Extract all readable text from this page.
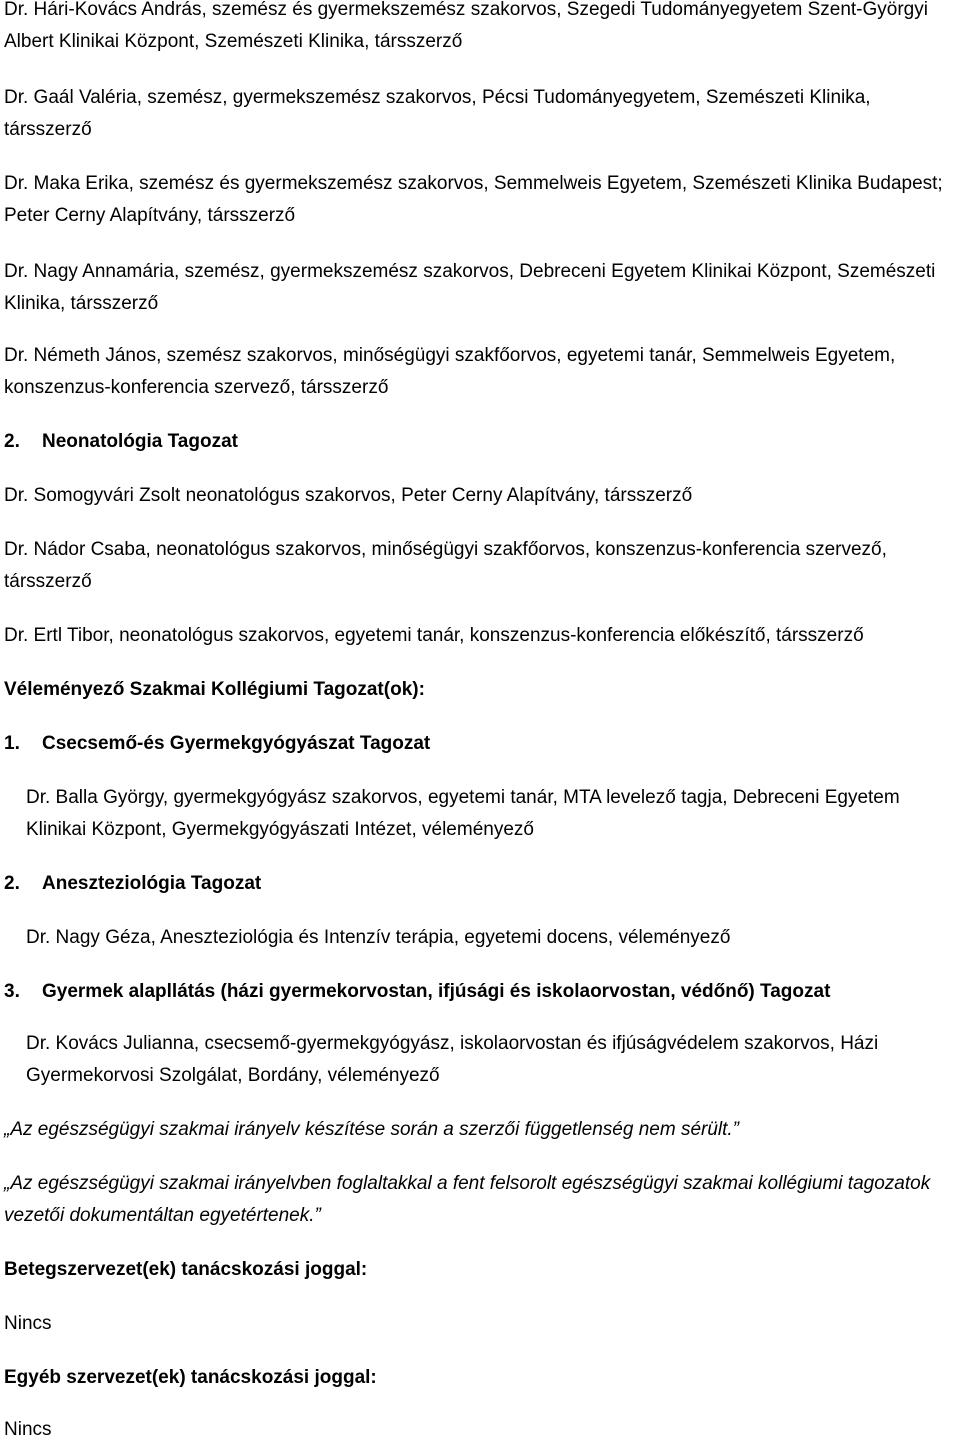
Dr. Hári-Kovács András, szemész és gyermekszemész szakorvos, Szegedi Tudományegyetem Szent-Györgyi Albert Klinikai Központ, Szemészeti Klinika, társszerző

Dr. Gaál Valéria, szemész, gyermekszemész szakorvos, Pécsi Tudományegyetem, Szemészeti Klinika, társszerző

Dr. Maka Erika, szemész és gyermekszemész szakorvos, Semmelweis Egyetem, Szemészeti Klinika Budapest; Peter Cerny Alapítvány, társszerző

Dr. Nagy Annamária, szemész, gyermekszemész szakorvos, Debreceni Egyetem Klinikai Központ, Szemészeti Klinika, társszerző

Dr. Németh János, szemész szakorvos, minőségügyi szakfőorvos, egyetemi tanár, Semmelweis Egyetem, konszenzus-konferencia szervező, társszerző

2. Neonatológia Tagozat

Dr. Somogyvári Zsolt neonatológus szakorvos, Peter Cerny Alapítvány, társszerző

Dr. Nádor Csaba, neonatológus szakorvos, minőségügyi szakfőorvos, konszenzus-konferencia szervező, társszerző

Dr. Ertl Tibor, neonatológus szakorvos, egyetemi tanár, konszenzus-konferencia előkészítő, társszerző

Véleményező Szakmai Kollégiumi Tagozat(ok):

1. Csecsemő-és Gyermekgyógyászat Tagozat

Dr. Balla György, gyermekgyógyász szakorvos, egyetemi tanár, MTA levelező tagja, Debreceni Egyetem Klinikai Központ, Gyermekgyógyászati Intézet, véleményező

2. Aneszteziológia Tagozat

Dr. Nagy Géza, Aneszteziológia és Intenzív terápia, egyetemi docens, véleményező

3. Gyermek alapllátás (házi gyermekorvostan, ifjúsági és iskolaorvostan, védőnő) Tagozat

Dr. Kovács Julianna, csecsemő-gyermekgyógyász, iskolaorvostan és ifjúságvédelem szakorvos, Házi Gyermekorvosi Szolgálat, Bordány, véleményező

„Az egészségügyi szakmai irányelv készítése során a szerzői függetlenség nem sérült.”

„Az egészségügyi szakmai irányelvben foglaltakkal a fent felsorolt egészségügyi szakmai kollégiumi tagozatok vezetői dokumentáltan egyetértenek.”

Betegszervezet(ek) tanácskozási joggal:

Nincs

Egyéb szervezet(ek) tanácskozási joggal:

Nincs
